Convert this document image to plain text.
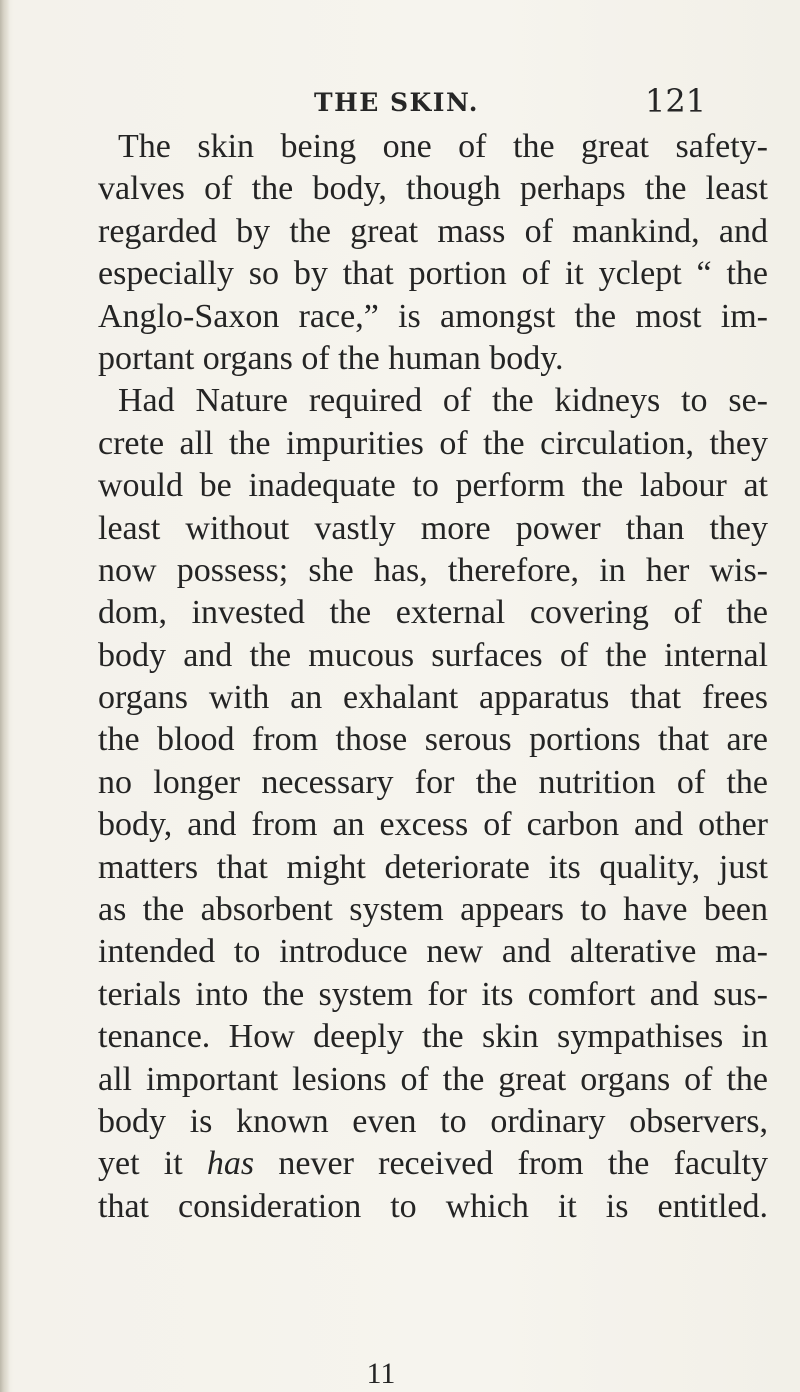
THE SKIN.	121
The skin being one of the great safety-
valves of the body, though perhaps the least
regarded by the great mass of mankind, and
especially so by that portion of it yclept “ the
Anglo-Saxon race,” is amongst the most im-
portant organs of the human body.
Had Nature required of the kidneys to se-
crete all the impurities of the circulation, they
would be inadequate to perform the labour at
least without vastly more power than they
now possess; she has, therefore, in her wis-
dom, invested the external covering of the
body and the mucous surfaces of the internal
organs with an exhalant apparatus that frees
the blood from those serous portions that are
no longer necessary for the nutrition of the
body, and from an excess of carbon and other
matters that might deteriorate its quality, just
as the absorbent system appears to have been
intended to introduce new and alterative ma-
terials into the system for its comfort and sus-
tenance. How deeply the skin sympathises in
all important lesions of the great organs of the
body is known even to ordinary observers,
yet it has never received from the faculty
that consideration to which it is entitled.
11
